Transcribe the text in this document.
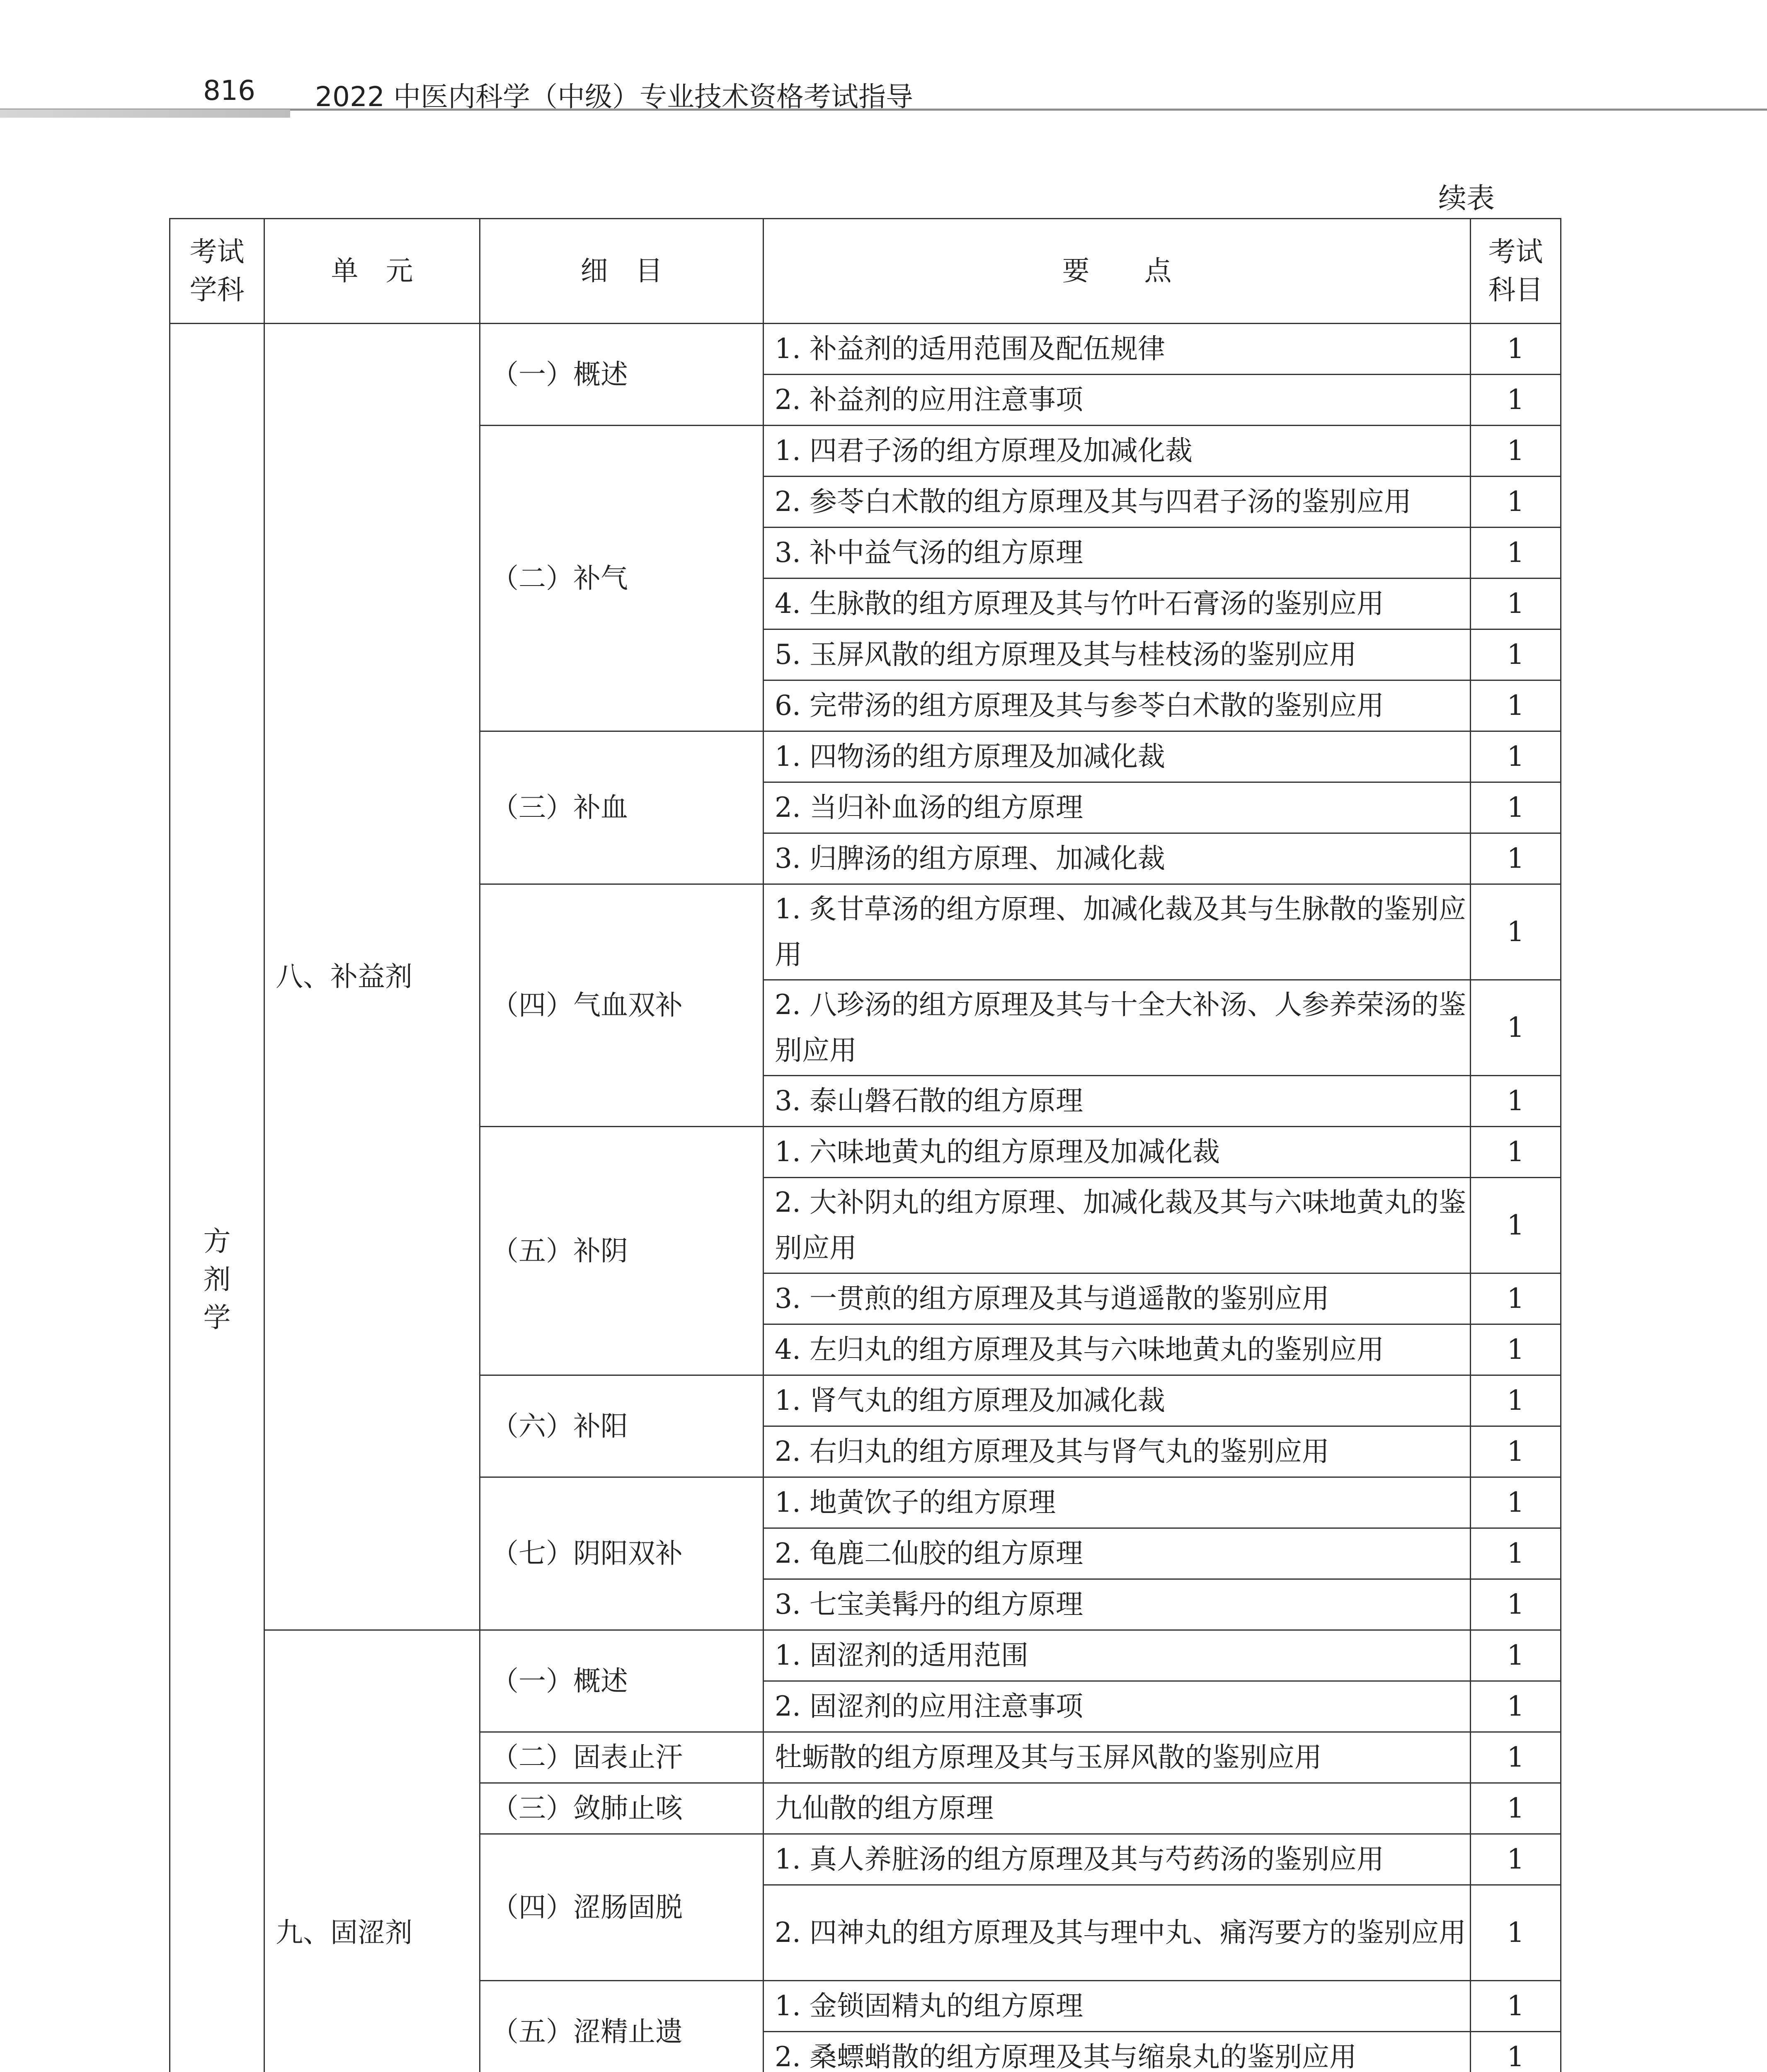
816 2022 中医内科学（中级）专业技术资格考试指导
续表
考试学科	单　元	细　目	要　　点	考试科目
方剂学	八、补益剂	（一）概述	1. 补益剂的适用范围及配伍规律	1
			2. 补益剂的应用注意事项	1
		（二）补气	1. 四君子汤的组方原理及加减化裁	1
			2. 参苓白术散的组方原理及其与四君子汤的鉴别应用	1
			3. 补中益气汤的组方原理	1
			4. 生脉散的组方原理及其与竹叶石膏汤的鉴别应用	1
			5. 玉屏风散的组方原理及其与桂枝汤的鉴别应用	1
			6. 完带汤的组方原理及其与参苓白术散的鉴别应用	1
		（三）补血	1. 四物汤的组方原理及加减化裁	1
			2. 当归补血汤的组方原理	1
			3. 归脾汤的组方原理、加减化裁	1
		（四）气血双补	1. 炙甘草汤的组方原理、加减化裁及其与生脉散的鉴别应用	1
			2. 八珍汤的组方原理及其与十全大补汤、人参养荣汤的鉴别应用	1
			3. 泰山磐石散的组方原理	1
		（五）补阴	1. 六味地黄丸的组方原理及加减化裁	1
			2. 大补阴丸的组方原理、加减化裁及其与六味地黄丸的鉴别应用	1
			3. 一贯煎的组方原理及其与逍遥散的鉴别应用	1
			4. 左归丸的组方原理及其与六味地黄丸的鉴别应用	1
		（六）补阳	1. 肾气丸的组方原理及加减化裁	1
			2. 右归丸的组方原理及其与肾气丸的鉴别应用	1
		（七）阴阳双补	1. 地黄饮子的组方原理	1
			2. 龟鹿二仙胶的组方原理	1
			3. 七宝美髯丹的组方原理	1
	九、固涩剂	（一）概述	1. 固涩剂的适用范围	1
			2. 固涩剂的应用注意事项	1
		（二）固表止汗	牡蛎散的组方原理及其与玉屏风散的鉴别应用	1
		（三）敛肺止咳	九仙散的组方原理	1
		（四）涩肠固脱	1. 真人养脏汤的组方原理及其与芍药汤的鉴别应用	1
			2. 四神丸的组方原理及其与理中丸、痛泻要方的鉴别应用	1
		（五）涩精止遗	1. 金锁固精丸的组方原理	1
			2. 桑螵蛸散的组方原理及其与缩泉丸的鉴别应用	1
